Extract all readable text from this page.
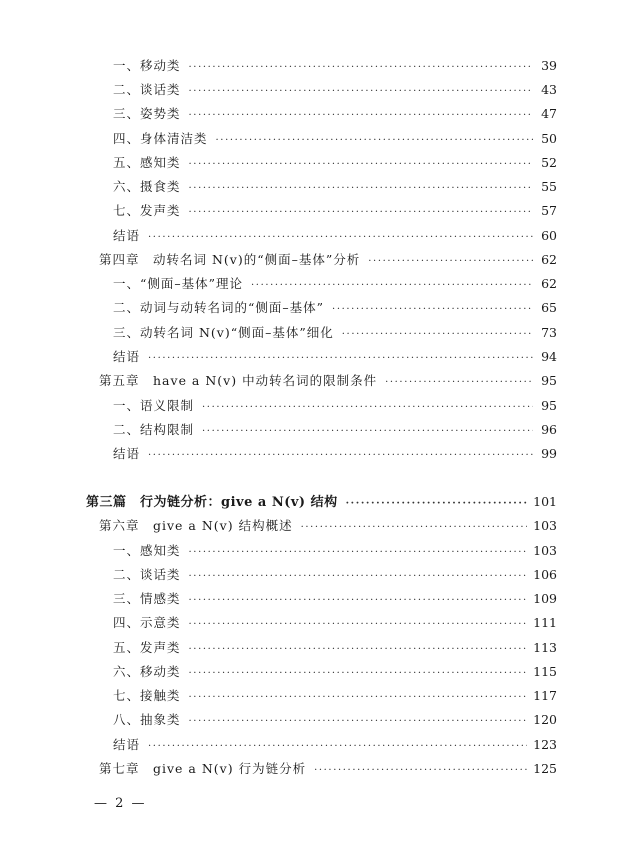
一、移动类 ·····	39
二、谈话类 ·····	43
三、姿势类 ·····	47
四、身体清洁类 ·····	50
五、感知类 ·····	52
六、摄食类 ·····	55
七、发声类 ·····	57
结语 ·····	60
第四章　动转名词 N(v)的“侧面–基体”分析 ·····	62
一、“侧面–基体”理论 ·····	62
二、动词与动转名词的“侧面–基体” ·····	65
三、动转名词 N(v)“侧面–基体”细化 ·····	73
结语 ·····	94
第五章　have a N(v) 中动转名词的限制条件 ·····	95
一、语义限制 ·····	95
二、结构限制 ·····	96
结语 ·····	99
第三篇　行为链分析：give a N(v) 结构 ·····	101
第六章　give a N(v) 结构概述 ·····	103
一、感知类 ·····	103
二、谈话类 ·····	106
三、情感类 ·····	109
四、示意类 ·····	111
五、发声类 ·····	113
六、移动类 ·····	115
七、接触类 ·····	117
八、抽象类 ·····	120
结语 ·····	123
第七章　give a N(v) 行为链分析 ·····	125
— 2 —
